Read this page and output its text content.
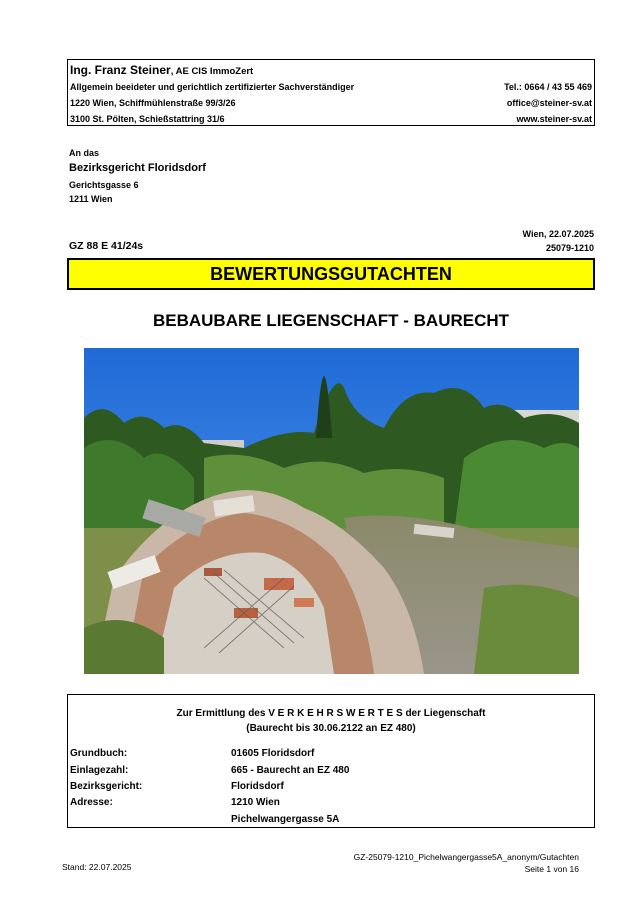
Ing. Franz Steiner, AE CIS ImmoZert
Allgemein beeideter und gerichtlich zertifizierter Sachverständiger	Tel.: 0664 / 43 55 469
1220 Wien, Schiffmühlenstraße 99/3/26	office@steiner-sv.at
3100 St. Pölten, Schießstattring 31/6	www.steiner-sv.at
An das
Bezirksgericht Floridsdorf
Gerichtsgasse 6
1211 Wien
Wien, 22.07.2025
25079-1210
GZ 88 E 41/24s
BEWERTUNGSGUTACHTEN
BEBAUBARE LIEGENSCHAFT - BAURECHT
Zur Ermittlung des V E R K E H R S W E R T E S der Liegenschaft
(Baurecht bis 30.06.2122 an EZ 480)
Grundbuch:	01605 Floridsdorf
Einlagezahl:	665 - Baurecht an EZ 480
Bezirksgericht:	Floridsdorf
Adresse:	1210 Wien
Pichelwangergasse 5A
Stand: 22.07.2025
GZ-25079-1210_Pichelwangergasse5A_anonym/Gutachten
Seite 1 von 16
